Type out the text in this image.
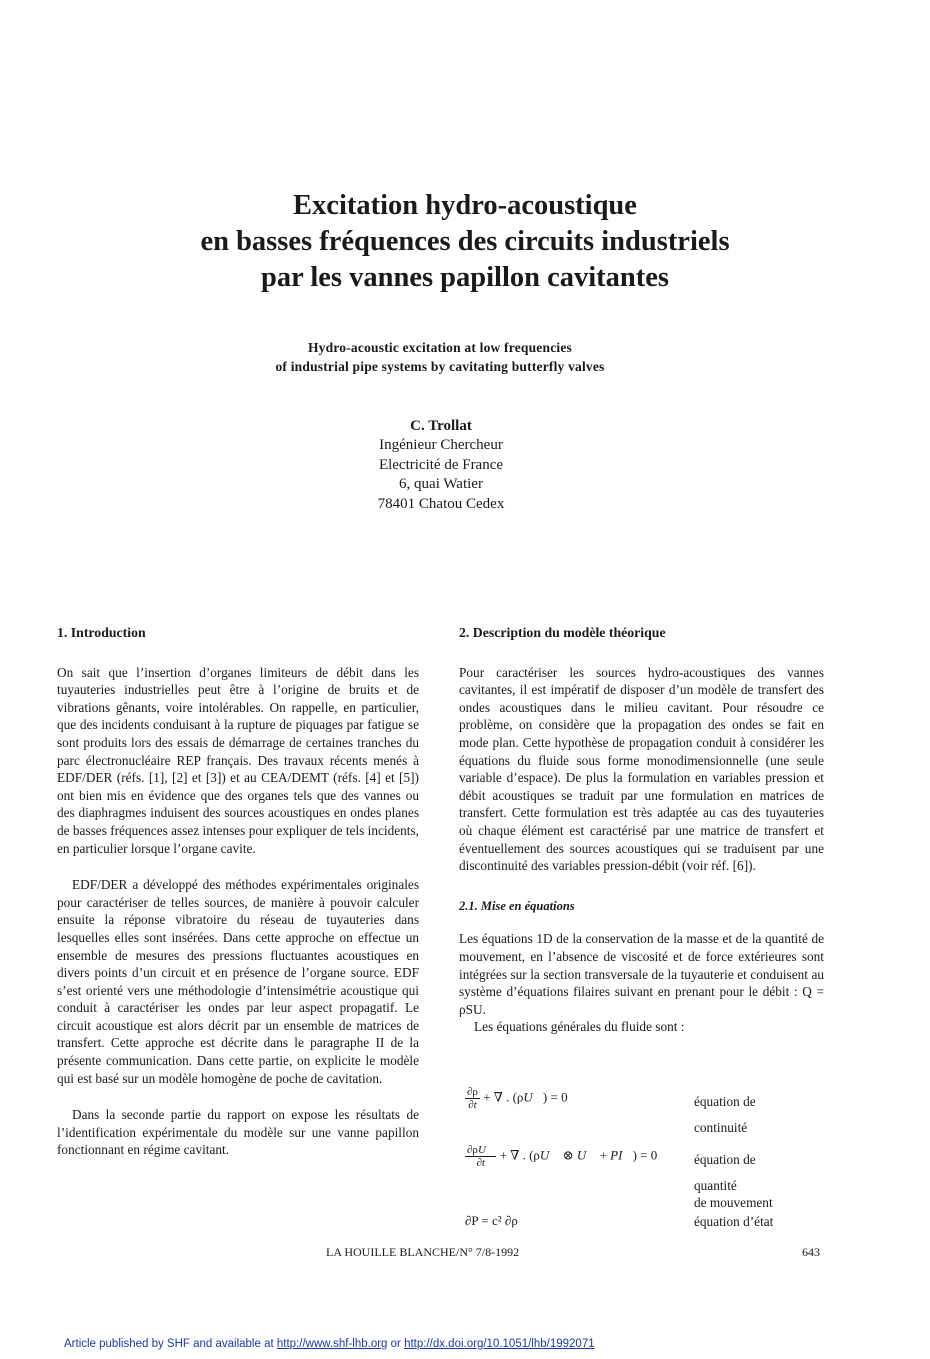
Excitation hydro-acoustique
en basses fréquences des circuits industriels
par les vannes papillon cavitantes
Hydro-acoustic excitation at low frequencies
of industrial pipe systems by cavitating butterfly valves
C. Trollat
Ingénieur Chercheur
Electricité de France
6, quai Watier
78401 Chatou Cedex
1. Introduction

On sait que l’insertion d’organes limiteurs de débit dans les tuyauteries industrielles peut être à l’origine de bruits et de vibrations gênants, voire intolérables. On rappelle, en particulier, que des incidents conduisant à la rupture de piquages par fatigue se sont produits lors des essais de démarrage de certaines tranches du parc électronucléaire REP français. Des travaux récents menés à EDF/DER (réfs. [1], [2] et [3]) et au CEA/DEMT (réfs. [4] et [5]) ont bien mis en évidence que des organes tels que des vannes ou des diaphragmes induisent des sources acoustiques en ondes planes de basses fréquences assez intenses pour expliquer de tels incidents, en particulier lorsque l’organe cavite.

EDF/DER a développé des méthodes expérimentales originales pour caractériser de telles sources, de manière à pouvoir calculer ensuite la réponse vibratoire du réseau de tuyauteries dans lesquelles elles sont insérées. Dans cette approche on effectue un ensemble de mesures des pressions fluctuantes acoustiques en divers points d’un circuit et en présence de l’organe source. EDF s’est orienté vers une méthodologie d’intensimétrie acoustique qui conduit à caractériser les ondes par leur aspect propagatif. Le circuit acoustique est alors décrit par un ensemble de matrices de transfert. Cette approche est décrite dans le paragraphe II de la présente communication. Dans cette partie, on explicite le modèle qui est basé sur un modèle homogène de poche de cavitation.

Dans la seconde partie du rapport on expose les résultats de l’identification expérimentale du modèle sur une vanne papillon fonctionnant en régime cavitant.

2. Description du modèle théorique

Pour caractériser les sources hydro-acoustiques des vannes cavitantes, il est impératif de disposer d’un modèle de transfert des ondes acoustiques dans le milieu cavitant. Pour résoudre ce problème, on considère que la propagation des ondes se fait en mode plan. Cette hypothèse de propagation conduit à considérer les équations du fluide sous forme monodimensionnelle (une seule variable d’espace). De plus la formulation en variables pression et débit acoustiques se traduit par une formulation en matrices de transfert. Cette formulation est très adaptée au cas des tuyauteries où chaque élément est caractérisé par une matrice de transfert et éventuellement des sources acoustiques qui se traduisent par une discontinuité des variables pression-débit (voir réf. [6]).

2.1. Mise en équations

Les équations 1D de la conservation de la masse et de la quantité de mouvement, en l’absence de viscosité et de force extérieures sont intégrées sur la section transversale de la tuyauterie et conduisent au système d’équations filaires suivant en prenant pour le débit : Q = ρSU.

Les équations générales du fluide sont :

$\frac{\partial\rho}{\partial t}$ + ∇ . (ρU⃗) = 0	équation de
continuité
$\frac{\partial\rho U⃗}{\partial t}$ + ∇ . (ρU⃗ ⊗ U⃗ + PI⃗) = 0	équation de
quantité
de mouvement
∂P = c² ∂ρ	équation d’état
LA HOUILLE BLANCHE/N° 7/8-1992	643
Article published by SHF and available at http://www.shf-lhb.org or http://dx.doi.org/10.1051/lhb/1992071
